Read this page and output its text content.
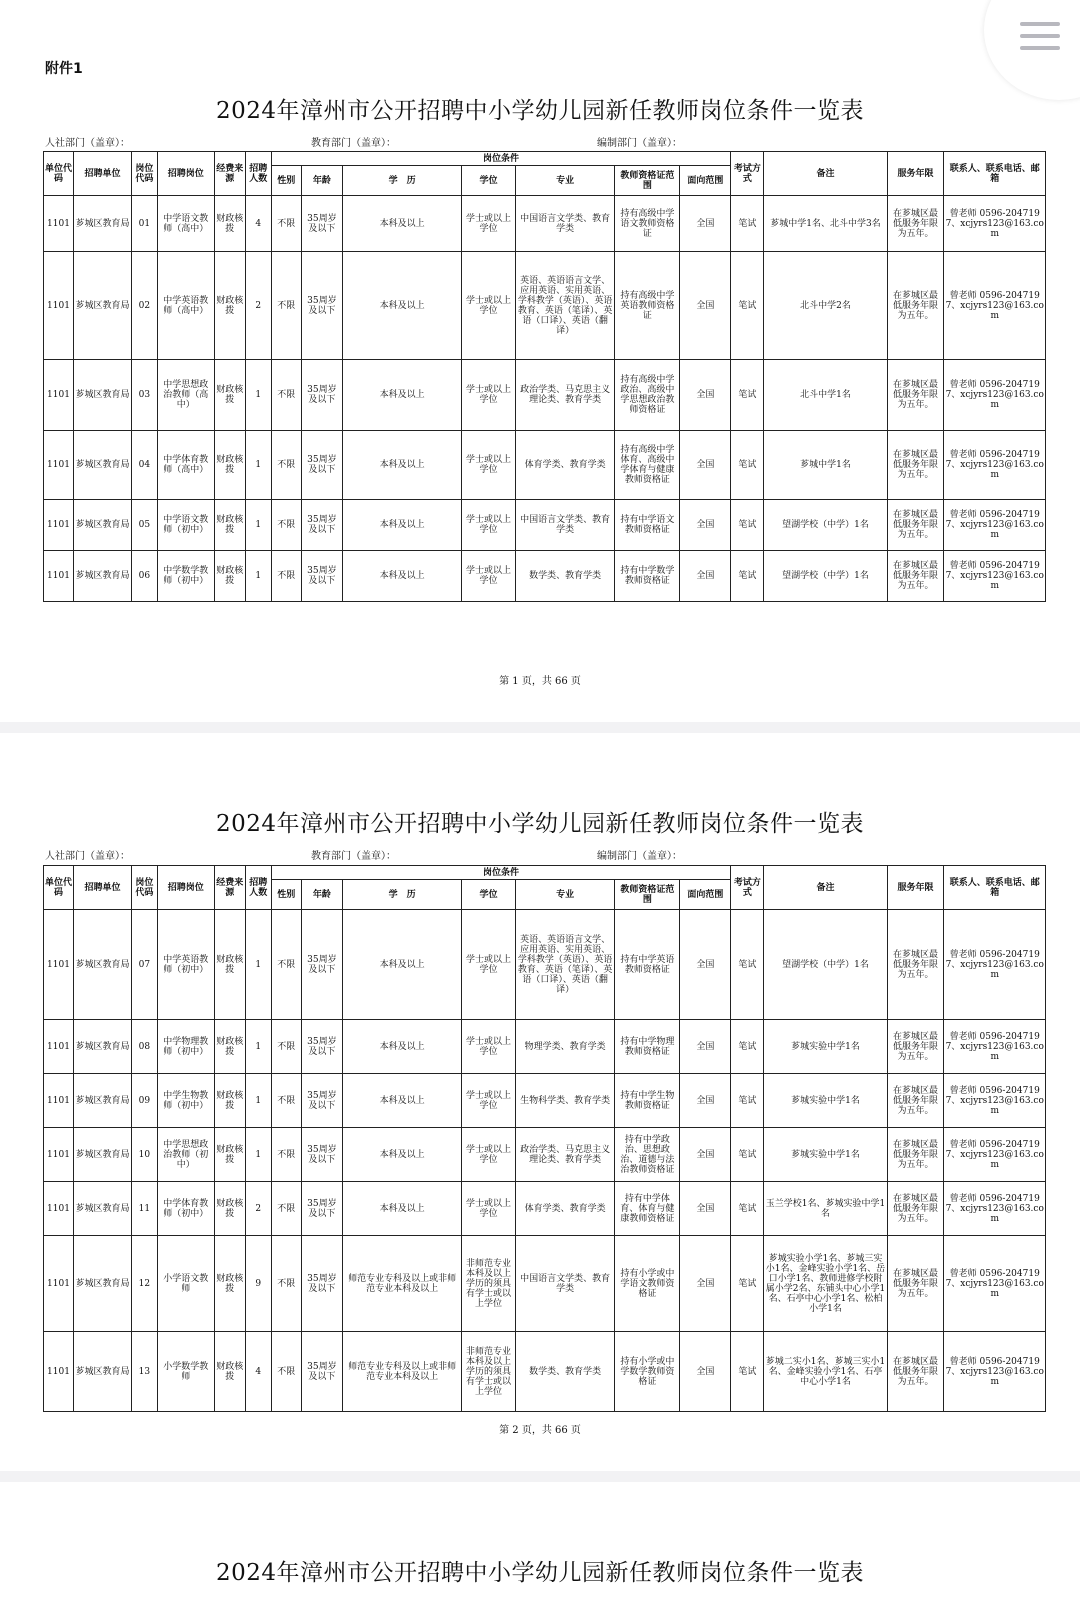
附件1
2024年漳州市公开招聘中小学幼儿园新任教师岗位条件一览表
人社部门（盖章）：	教育部门（盖章）：	编制部门（盖章）：
单位代码	招聘单位	岗位代码	招聘岗位	经费来源	招聘人数	岗位条件							考试方式	备注	服务年限	联系人、联系电话、邮箱
						性别	年龄	学　历	学位	专业	教师资格证范围	面向范围				
1101	芗城区教育局	01	中学语文教师（高中）	财政核拨	4	不限	35周岁及以下	本科及以上	学士或以上学位	中国语言文学类、教育学类	持有高级中学语文教师资格证	全国	笔试	芗城中学1名、北斗中学3名	在芗城区最低服务年限为五年。	曾老师 0596-2047197、xcjyrs123@163.com
1101	芗城区教育局	02	中学英语教师（高中）	财政核拨	2	不限	35周岁及以下	本科及以上	学士或以上学位	英语、英语语言文学、应用英语、实用英语、学科教学（英语）、英语教育、英语（笔译）、英语（口译）、英语（翻译）	持有高级中学英语教师资格证	全国	笔试	北斗中学2名	在芗城区最低服务年限为五年。	曾老师 0596-2047197、xcjyrs123@163.com
1101	芗城区教育局	03	中学思想政治教师（高中）	财政核拨	1	不限	35周岁及以下	本科及以上	学士或以上学位	政治学类、马克思主义理论类、教育学类	持有高级中学政治、高级中学思想政治教师资格证	全国	笔试	北斗中学1名	在芗城区最低服务年限为五年。	曾老师 0596-2047197、xcjyrs123@163.com
1101	芗城区教育局	04	中学体育教师（高中）	财政核拨	1	不限	35周岁及以下	本科及以上	学士或以上学位	体育学类、教育学类	持有高级中学体育、高级中学体育与健康教师资格证	全国	笔试	芗城中学1名	在芗城区最低服务年限为五年。	曾老师 0596-2047197、xcjyrs123@163.com
1101	芗城区教育局	05	中学语文教师（初中）	财政核拨	1	不限	35周岁及以下	本科及以上	学士或以上学位	中国语言文学类、教育学类	持有中学语文教师资格证	全国	笔试	望湖学校（中学）1名	在芗城区最低服务年限为五年。	曾老师 0596-2047197、xcjyrs123@163.com
1101	芗城区教育局	06	中学数学教师（初中）	财政核拨	1	不限	35周岁及以下	本科及以上	学士或以上学位	数学类、教育学类	持有中学数学教师资格证	全国	笔试	望湖学校（中学）1名	在芗城区最低服务年限为五年。	曾老师 0596-2047197、xcjyrs123@163.com
第 1 页，共 66 页
2024年漳州市公开招聘中小学幼儿园新任教师岗位条件一览表
人社部门（盖章）：	教育部门（盖章）：	编制部门（盖章）：
单位代码	招聘单位	岗位代码	招聘岗位	经费来源	招聘人数	岗位条件							考试方式	备注	服务年限	联系人、联系电话、邮箱
						性别	年龄	学　历	学位	专业	教师资格证范围	面向范围				
1101	芗城区教育局	07	中学英语教师（初中）	财政核拨	1	不限	35周岁及以下	本科及以上	学士或以上学位	英语、英语语言文学、应用英语、实用英语、学科教学（英语）、英语教育、英语（笔译）、英语（口译）、英语（翻译）	持有中学英语教师资格证	全国	笔试	望湖学校（中学）1名	在芗城区最低服务年限为五年。	曾老师 0596-2047197、xcjyrs123@163.com
1101	芗城区教育局	08	中学物理教师（初中）	财政核拨	1	不限	35周岁及以下	本科及以上	学士或以上学位	物理学类、教育学类	持有中学物理教师资格证	全国	笔试	芗城实验中学1名	在芗城区最低服务年限为五年。	曾老师 0596-2047197、xcjyrs123@163.com
1101	芗城区教育局	09	中学生物教师（初中）	财政核拨	1	不限	35周岁及以下	本科及以上	学士或以上学位	生物科学类、教育学类	持有中学生物教师资格证	全国	笔试	芗城实验中学1名	在芗城区最低服务年限为五年。	曾老师 0596-2047197、xcjyrs123@163.com
1101	芗城区教育局	10	中学思想政治教师（初中）	财政核拨	1	不限	35周岁及以下	本科及以上	学士或以上学位	政治学类、马克思主义理论类、教育学类	持有中学政治、思想政治、道德与法治教师资格证	全国	笔试	芗城实验中学1名	在芗城区最低服务年限为五年。	曾老师 0596-2047197、xcjyrs123@163.com
1101	芗城区教育局	11	中学体育教师（初中）	财政核拨	2	不限	35周岁及以下	本科及以上	学士或以上学位	体育学类、教育学类	持有中学体育、体育与健康教师资格证	全国	笔试	玉兰学校1名、芗城实验中学1名	在芗城区最低服务年限为五年。	曾老师 0596-2047197、xcjyrs123@163.com
1101	芗城区教育局	12	小学语文教师	财政核拨	9	不限	35周岁及以下	师范专业专科及以上或非师范专业本科及以上	非师范专业本科及以上学历的须具有学士或以上学位	中国语言文学类、教育学类	持有小学或中学语文教师资格证	全国	笔试	芗城实验小学1名、芗城三实小1名、金峰实验小学1名、岳口小学1名、教师进修学校附属小学2名、东铺头中心小学1名、石亭中心小学1名、松柏小学1名	在芗城区最低服务年限为五年。	曾老师 0596-2047197、xcjyrs123@163.com
1101	芗城区教育局	13	小学数学教师	财政核拨	4	不限	35周岁及以下	师范专业专科及以上或非师范专业本科及以上	非师范专业本科及以上学历的须具有学士或以上学位	数学类、教育学类	持有小学或中学数学教师资格证	全国	笔试	芗城二实小1名、芗城三实小1名、金峰实验小学1名、石亭中心小学1名	在芗城区最低服务年限为五年。	曾老师 0596-2047197、xcjyrs123@163.com
第 2 页，共 66 页
2024年漳州市公开招聘中小学幼儿园新任教师岗位条件一览表
